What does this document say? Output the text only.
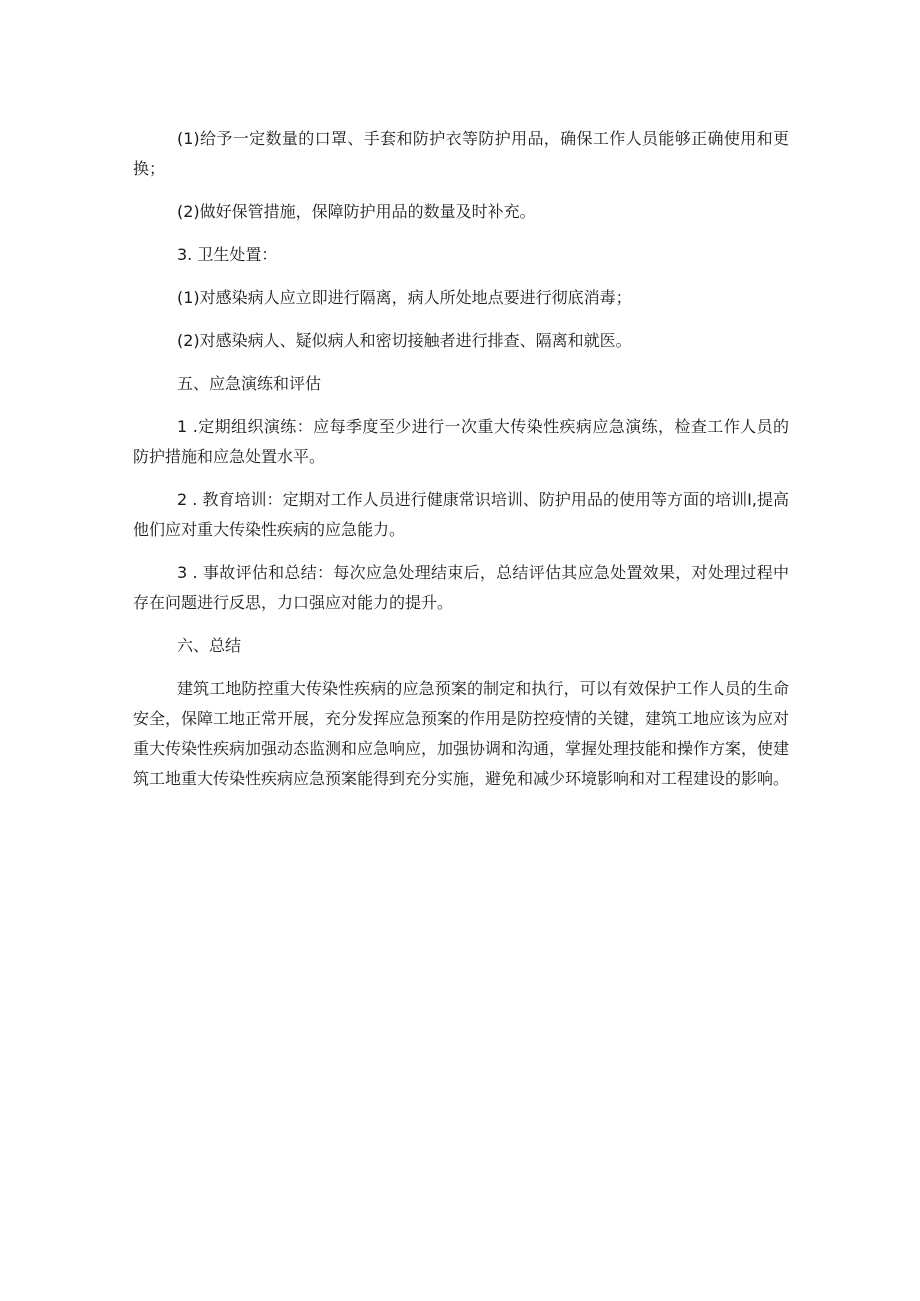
(1)给予一定数量的口罩、手套和防护衣等防护用品，确保工作人员能够正确使用和更换；

(2)做好保管措施，保障防护用品的数量及时补充。

3. 卫生处置：

(1)对感染病人应立即进行隔离，病人所处地点要进行彻底消毒；

(2)对感染病人、疑似病人和密切接触者进行排查、隔离和就医。

五、应急演练和评估

1 .定期组织演练：应每季度至少进行一次重大传染性疾病应急演练，检查工作人员的防护措施和应急处置水平。

2 . 教育培训：定期对工作人员进行健康常识培训、防护用品的使用等方面的培训I,提高他们应对重大传染性疾病的应急能力。

3 . 事故评估和总结：每次应急处理结束后，总结评估其应急处置效果，对处理过程中存在问题进行反思，力口强应对能力的提升。

六、总结

建筑工地防控重大传染性疾病的应急预案的制定和执行，可以有效保护工作人员的生命安全，保障工地正常开展，充分发挥应急预案的作用是防控疫情的关键，建筑工地应该为应对重大传染性疾病加强动态监测和应急响应，加强协调和沟通，掌握处理技能和操作方案，使建筑工地重大传染性疾病应急预案能得到充分实施，避免和减少环境影响和对工程建设的影响。
